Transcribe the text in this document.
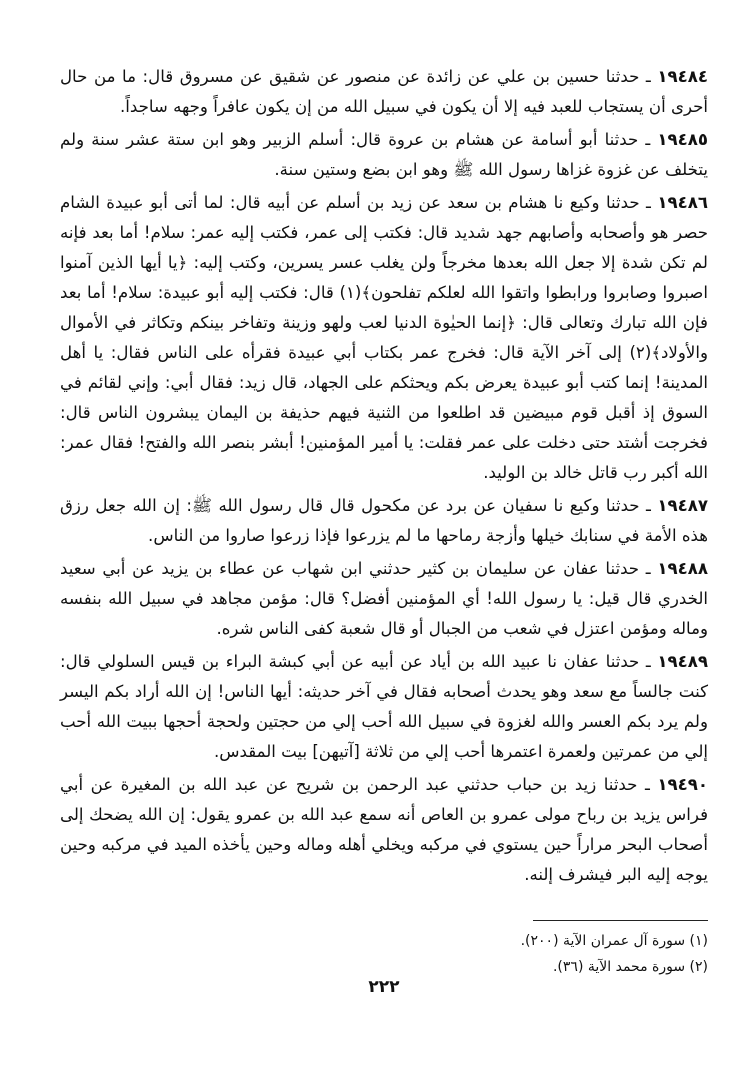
١٩٤٨٤ ـ حدثنا حسين بن علي عن زائدة عن منصور عن شقيق عن مسروق قال: ما من حال أحرى أن يستجاب للعبد فيه إلا أن يكون في سبيل الله من إن يكون عافراً وجهه ساجداً.

١٩٤٨٥ ـ حدثنا أبو أسامة عن هشام بن عروة قال: أسلم الزبير وهو ابن ستة عشر سنة ولم يتخلف عن غزوة غزاها رسول الله ﷺ وهو ابن بضع وستين سنة.

١٩٤٨٦ ـ حدثنا وكيع نا هشام بن سعد عن زيد بن أسلم عن أبيه قال: لما أتى أبو عبيدة الشام حصر هو وأصحابه وأصابهم جهد شديد قال: فكتب إلى عمر، فكتب إليه عمر: سلام! أما بعد فإنه لم تكن شدة إلا جعل الله بعدها مخرجاً ولن يغلب عسر يسرين، وكتب إليه: ﴿يا أيها الذين آمنوا اصبروا وصابروا ورابطوا واتقوا الله لعلكم تفلحون﴾(١) قال: فكتب إليه أبو عبيدة: سلام! أما بعد فإن الله تبارك وتعالى قال: ﴿إنما الحيٰوة الدنيا لعب ولهو وزينة وتفاخر بينكم وتكاثر في الأموال والأولاد﴾(٢) إلى آخر الآية قال: فخرج عمر بكتاب أبي عبيدة فقرأه على الناس فقال: يا أهل المدينة! إنما كتب أبو عبيدة يعرض بكم ويحثكم على الجهاد، قال زيد: فقال أبي: وإني لقائم في السوق إذ أقبل قوم مبيضين قد اطلعوا من الثنية فيهم حذيفة بن اليمان يبشرون الناس قال: فخرجت أشتد حتى دخلت على عمر فقلت: يا أمير المؤمنين! أبشر بنصر الله والفتح! فقال عمر: الله أكبر رب قاتل خالد بن الوليد.

١٩٤٨٧ ـ حدثنا وكيع نا سفيان عن برد عن مكحول قال قال رسول الله ﷺ: إن الله جعل رزق هذه الأمة في سنابك خيلها وأزجة رماحها ما لم يزرعوا فإذا زرعوا صاروا من الناس.

١٩٤٨٨ ـ حدثنا عفان عن سليمان بن كثير حدثني ابن شهاب عن عطاء بن يزيد عن أبي سعيد الخدري قال قيل: يا رسول الله! أي المؤمنين أفضل؟ قال: مؤمن مجاهد في سبيل الله بنفسه وماله ومؤمن اعتزل في شعب من الجبال أو قال شعبة كفى الناس شره.

١٩٤٨٩ ـ حدثنا عفان نا عبيد الله بن أياد عن أبيه عن أبي كبشة البراء بن قيس السلولي قال: كنت جالساً مع سعد وهو يحدث أصحابه فقال في آخر حديثه: أيها الناس! إن الله أراد بكم اليسر ولم يرد بكم العسر والله لغزوة في سبيل الله أحب إلي من حجتين ولحجة أحجها ببيت الله أحب إلي من عمرتين ولعمرة اعتمرها أحب إلي من ثلاثة [آتيهن] بيت المقدس.

١٩٤٩٠ ـ حدثنا زيد بن حباب حدثني عبد الرحمن بن شريح عن عبد الله بن المغيرة عن أبي فراس يزيد بن رباح مولى عمرو بن العاص أنه سمع عبد الله بن عمرو يقول: إن الله يضحك إلى أصحاب البحر مراراً حين يستوي في مركبه ويخلي أهله وماله وحين يأخذه الميد في مركبه وحين يوجه إليه البر فيشرف إلنه.

(١) سورة آل عمران الآية (٢٠٠).
(٢) سورة محمد الآية (٣٦).
٢٢٢
